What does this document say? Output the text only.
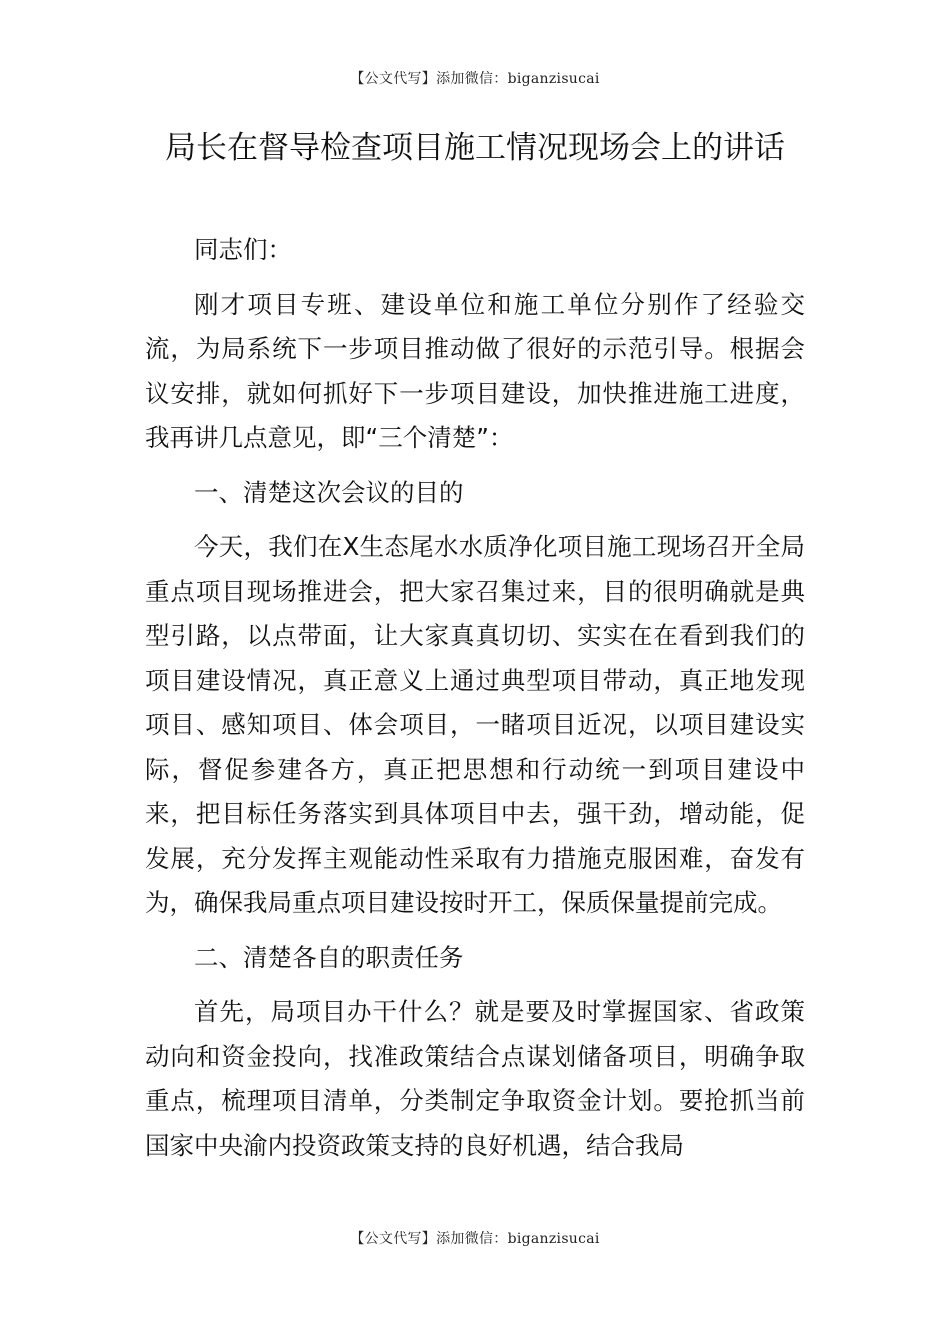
【公文代写】添加微信：biganzisucai
局长在督导检查项目施工情况现场会上的讲话

同志们：

刚才项目专班、建设单位和施工单位分别作了经验交流，为局系统下一步项目推动做了很好的示范引导。根据会议安排，就如何抓好下一步项目建设，加快推进施工进度，我再讲几点意见，即“三个清楚”：

一、清楚这次会议的目的

今天，我们在X生态尾水水质净化项目施工现场召开全局重点项目现场推进会，把大家召集过来，目的很明确就是典型引路，以点带面，让大家真真切切、实实在在看到我们的项目建设情况，真正意义上通过典型项目带动，真正地发现项目、感知项目、体会项目，一睹项目近况，以项目建设实际，督促参建各方，真正把思想和行动统一到项目建设中来，把目标任务落实到具体项目中去，强干劲，增动能，促发展，充分发挥主观能动性采取有力措施克服困难，奋发有为，确保我局重点项目建设按时开工，保质保量提前完成。

二、清楚各自的职责任务

首先，局项目办干什么？就是要及时掌握国家、省政策动向和资金投向，找准政策结合点谋划储备项目，明确争取重点，梳理项目清单，分类制定争取资金计划。要抢抓当前国家中央渝内投资政策支持的良好机遇，结合我局

【公文代写】添加微信：biganzisucai
